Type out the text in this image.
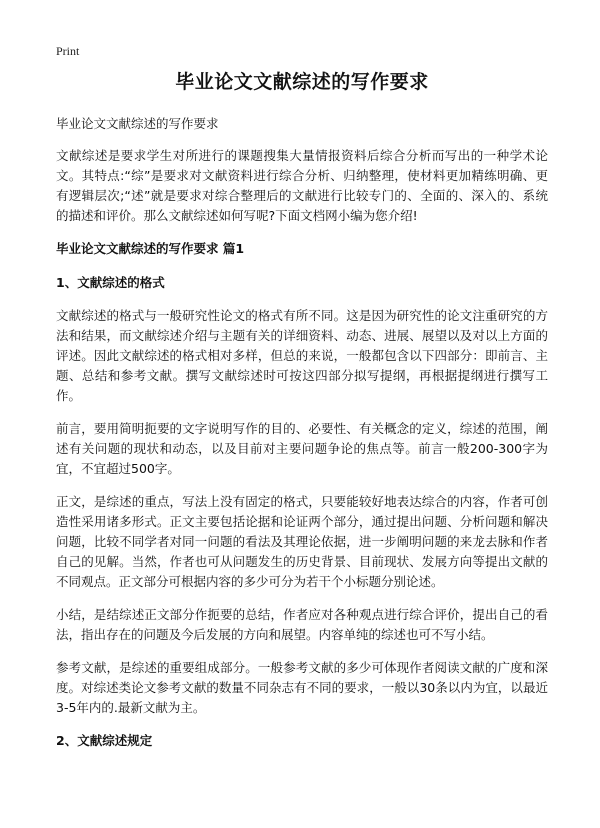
Print
毕业论文文献综述的写作要求
毕业论文文献综述的写作要求
文献综述是要求学生对所进行的课题搜集大量情报资料后综合分析而写出的一种学术论文。其特点:“综”是要求对文献资料进行综合分析、归纳整理，使材料更加精练明确、更有逻辑层次;“述”就是要求对综合整理后的文献进行比较专门的、全面的、深入的、系统的描述和评价。那么文献综述如何写呢?下面文档网小编为您介绍!
毕业论文文献综述的写作要求 篇1
1、文献综述的格式
文献综述的格式与一般研究性论文的格式有所不同。这是因为研究性的论文注重研究的方法和结果，而文献综述介绍与主题有关的详细资料、动态、进展、展望以及对以上方面的评述。因此文献综述的格式相对多样，但总的来说，一般都包含以下四部分：即前言、主题、总结和参考文献。撰写文献综述时可按这四部分拟写提纲，再根据提纲进行撰写工作。
前言，要用简明扼要的文字说明写作的目的、必要性、有关概念的定义，综述的范围，阐述有关问题的现状和动态，以及目前对主要问题争论的焦点等。前言一般200-300字为宜，不宜超过500字。
正文，是综述的重点，写法上没有固定的格式，只要能较好地表达综合的内容，作者可创造性采用诸多形式。正文主要包括论据和论证两个部分，通过提出问题、分析问题和解决问题，比较不同学者对同一问题的看法及其理论依据，进一步阐明问题的来龙去脉和作者自己的见解。当然，作者也可从问题发生的历史背景、目前现状、发展方向等提出文献的不同观点。正文部分可根据内容的多少可分为若干个小标题分别论述。
小结，是结综述正文部分作扼要的总结，作者应对各种观点进行综合评价，提出自己的看法，指出存在的问题及今后发展的方向和展望。内容单纯的综述也可不写小结。
参考文献，是综述的重要组成部分。一般参考文献的多少可体现作者阅读文献的广度和深度。对综述类论文参考文献的数量不同杂志有不同的要求，一般以30条以内为宜，以最近3-5年内的.最新文献为主。
2、文献综述规定
